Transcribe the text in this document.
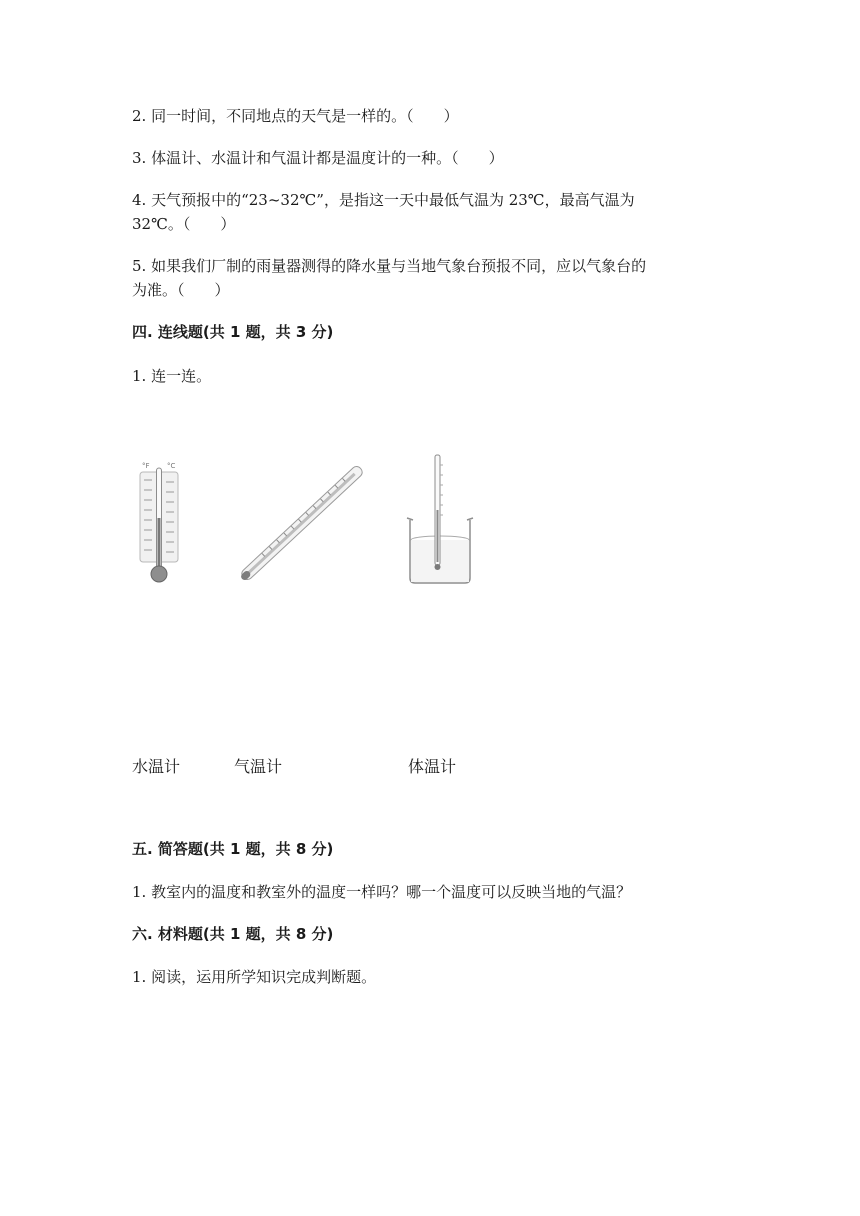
2. 同一时间，不同地点的天气是一样的。（　　）
3. 体温计、水温计和气温计都是温度计的一种。（　　）
4. 天气预报中的“23~32℃”，是指这一天中最低气温为 23℃，最高气温为
32℃。（　　）
5. 如果我们厂制的雨量器测得的降水量与当地气象台预报不同，应以气象台的
为准。（　　）
四. 连线题(共 1 题，共 3 分)
1. 连一连。
°F °C
水温计	气温计	体温计
五. 简答题(共 1 题，共 8 分)
1. 教室内的温度和教室外的温度一样吗？哪一个温度可以反映当地的气温？
六. 材料题(共 1 题，共 8 分)
1. 阅读，运用所学知识完成判断题。
